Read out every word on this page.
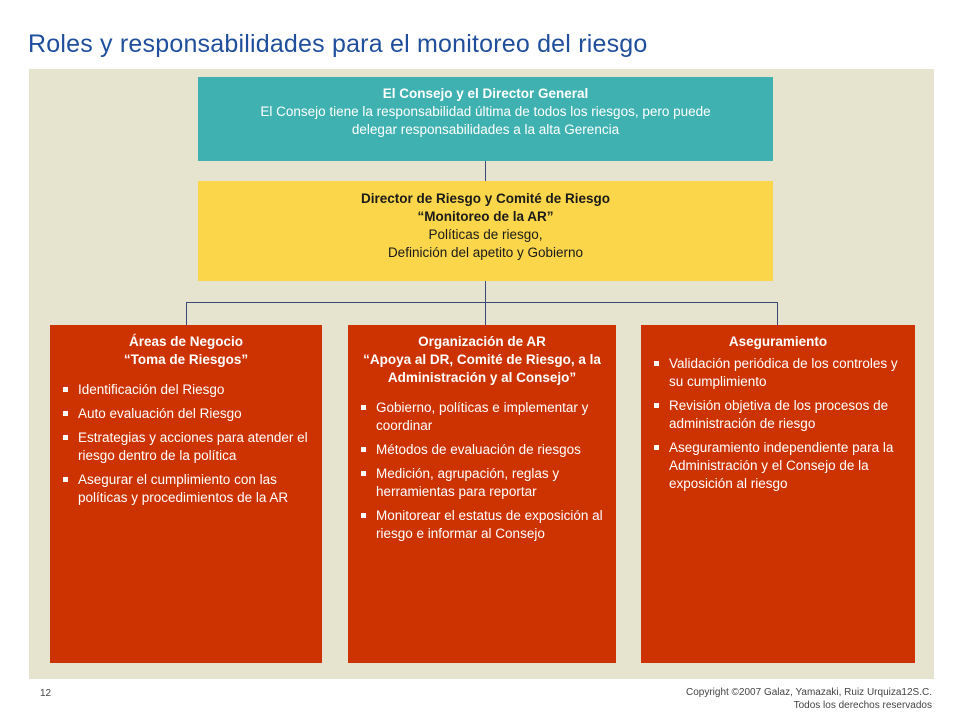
Roles y responsabilidades para el monitoreo del riesgo
El Consejo y el Director General
El Consejo tiene la responsabilidad última de todos los riesgos, pero puede
delegar responsabilidades a la alta Gerencia
Director de Riesgo y Comité de Riesgo
“Monitoreo de la AR”
Políticas de riesgo,
Definición del apetito y Gobierno
Áreas de Negocio
“Toma de Riesgos”
Identificación del Riesgo
Auto evaluación del Riesgo
Estrategias y acciones para atender el riesgo dentro de la política
Asegurar el cumplimiento con las políticas y procedimientos de la AR
Organización de AR
“Apoya al DR, Comité de Riesgo, a la Administración y al Consejo”
Gobierno, políticas e implementar y coordinar
Métodos de evaluación de riesgos
Medición, agrupación, reglas y herramientas para reportar
Monitorear el estatus de exposición al riesgo e informar al Consejo
Aseguramiento
Validación periódica de los controles y su cumplimiento
Revisión objetiva de los procesos de administración de riesgo
Aseguramiento independiente para la Administración y el Consejo de la exposición al riesgo
12	Copyright ©2007 Galaz, Yamazaki, Ruiz Urquiza12S.C.
Todos los derechos reservados
